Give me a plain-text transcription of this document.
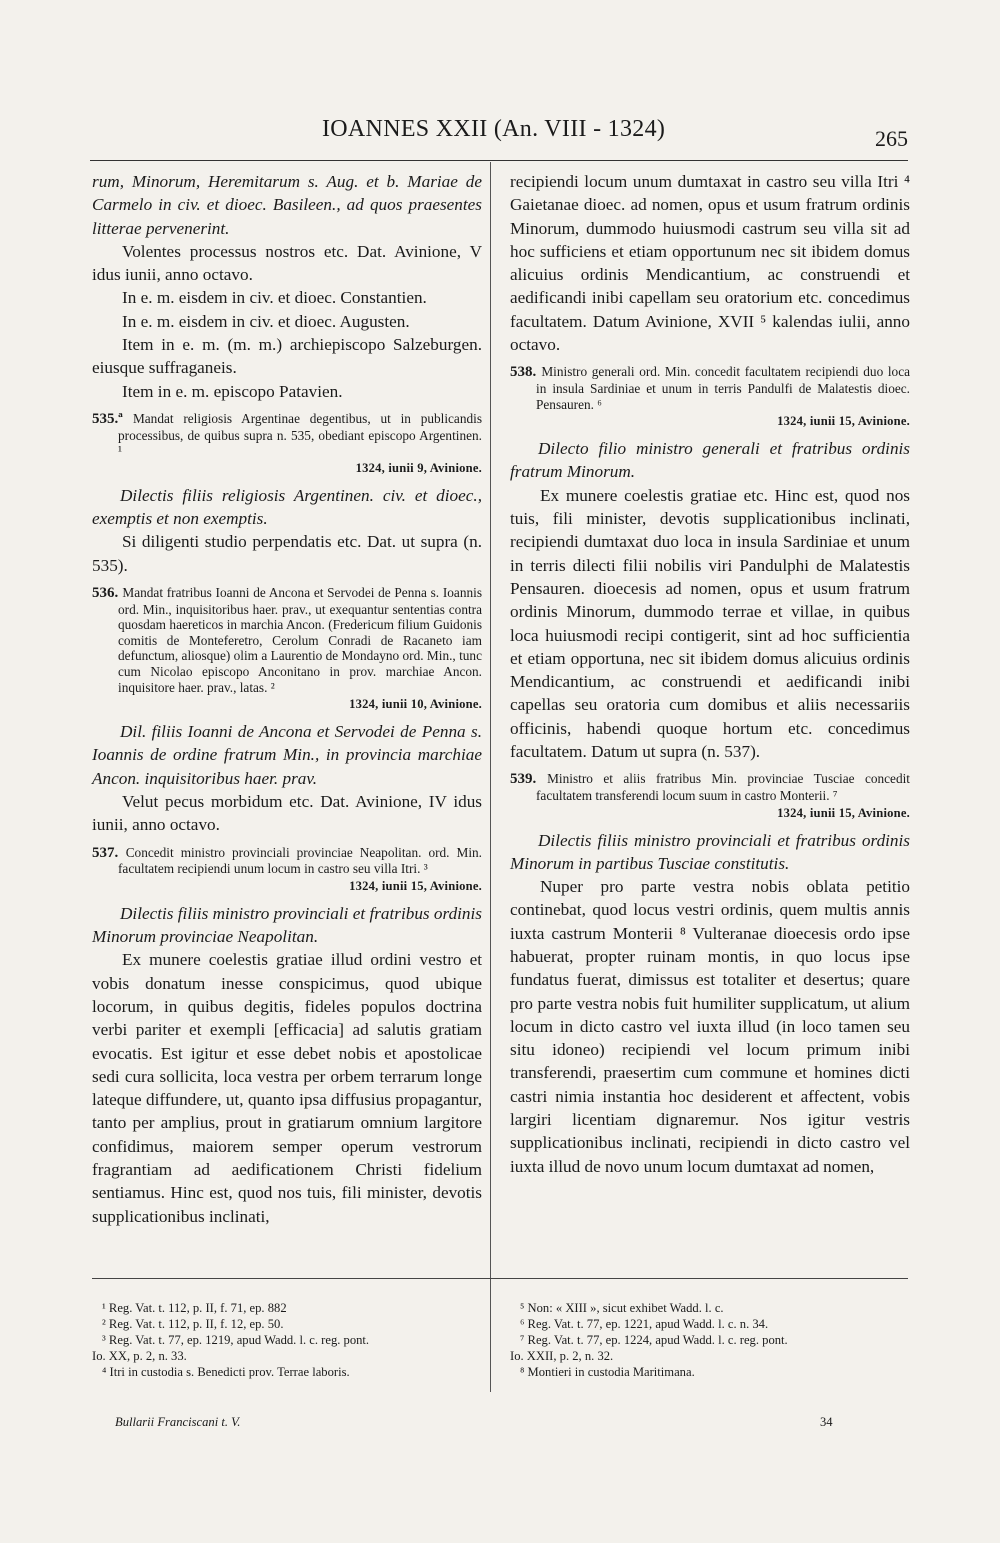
IOANNES XXII (An. VIII - 1324)	265

rum, Minorum, Heremitarum s. Aug. et b. Mariae de Carmelo in civ. et dioec. Basileen., ad quos praesentes litterae pervenerint.

Volentes processus nostros etc. Dat. Avinione, V idus iunii, anno octavo.

In e. m. eisdem in civ. et dioec. Constantien.

In e. m. eisdem in civ. et dioec. Augusten.

Item in e. m. (m. m.) archiepiscopo Salzeburgen. eiusque suffraganeis.

Item in e. m. episcopo Patavien.

535.ª Mandat religiosis Argentinae degentibus, ut in publicandis processibus, de quibus supra n. 535, obediant episcopo Argentinen. ¹

1324, iunii 9, Avinione.

Dilectis filiis religiosis Argentinen. civ. et dioec., exemptis et non exemptis.

Si diligenti studio perpendatis etc. Dat. ut supra (n. 535).

536. Mandat fratribus Ioanni de Ancona et Servodei de Penna s. Ioannis ord. Min., inquisitoribus haer. prav., ut exequantur sententias contra quosdam haereticos in marchia Ancon. (Fredericum filium Guidonis comitis de Monteferetro, Cerolum Conradi de Racaneto iam defunctum, aliosque) olim a Laurentio de Mondayno ord. Min., tunc cum Nicolao episcopo Anconitano in prov. marchiae Ancon. inquisitore haer. prav., latas. ²

1324, iunii 10, Avinione.

Dil. filiis Ioanni de Ancona et Servodei de Penna s. Ioannis de ordine fratrum Min., in provincia marchiae Ancon. inquisitoribus haer. prav.

Velut pecus morbidum etc. Dat. Avinione, IV idus iunii, anno octavo.

537. Concedit ministro provinciali provinciae Neapolitan. ord. Min. facultatem recipiendi unum locum in castro seu villa Itri. ³

1324, iunii 15, Avinione.

Dilectis filiis ministro provinciali et fratribus ordinis Minorum provinciae Neapolitan.

Ex munere coelestis gratiae illud ordini vestro et vobis donatum inesse conspicimus, quod ubique locorum, in quibus degitis, fideles populos doctrina verbi pariter et exempli [efficacia] ad salutis gratiam evocatis. Est igitur et esse debet nobis et apostolicae sedi cura sollicita, loca vestra per orbem terrarum longe lateque diffundere, ut, quanto ipsa diffusius propagantur, tanto per amplius, prout in gratiarum omnium largitore confidimus, maiorem semper operum vestrorum fragrantiam ad aedificationem Christi fidelium sentiamus. Hinc est, quod nos tuis, fili minister, devotis supplicationibus inclinati,

recipiendi locum unum dumtaxat in castro seu villa Itri ⁴ Gaietanae dioec. ad nomen, opus et usum fratrum ordinis Minorum, dummodo huiusmodi castrum seu villa sit ad hoc sufficiens et etiam opportunum nec sit ibidem domus alicuius ordinis Mendicantium, ac construendi et aedificandi inibi capellam seu oratorium etc. concedimus facultatem. Datum Avinione, XVII ⁵ kalendas iulii, anno octavo.

538. Ministro generali ord. Min. concedit facultatem recipiendi duo loca in insula Sardiniae et unum in terris Pandulfi de Malatestis dioec. Pensauren. ⁶

1324, iunii 15, Avinione.

Dilecto filio ministro generali et fratribus ordinis fratrum Minorum.

Ex munere coelestis gratiae etc. Hinc est, quod nos tuis, fili minister, devotis supplicationibus inclinati, recipiendi dumtaxat duo loca in insula Sardiniae et unum in terris dilecti filii nobilis viri Pandulphi de Malatestis Pensauren. dioecesis ad nomen, opus et usum fratrum ordinis Minorum, dummodo terrae et villae, in quibus loca huiusmodi recipi contigerit, sint ad hoc sufficientia et etiam opportuna, nec sit ibidem domus alicuius ordinis Mendicantium, ac construendi et aedificandi inibi capellas seu oratoria cum domibus et aliis necessariis officinis, habendi quoque hortum etc. concedimus facultatem. Datum ut supra (n. 537).

539. Ministro et aliis fratribus Min. provinciae Tusciae concedit facultatem transferendi locum suum in castro Monterii. ⁷

1324, iunii 15, Avinione.

Dilectis filiis ministro provinciali et fratribus ordinis Minorum in partibus Tusciae constitutis.

Nuper pro parte vestra nobis oblata petitio continebat, quod locus vestri ordinis, quem multis annis iuxta castrum Monterii ⁸ Vulteranae dioecesis ordo ipse habuerat, propter ruinam montis, in quo locus ipse fundatus fuerat, dimissus est totaliter et desertus; quare pro parte vestra nobis fuit humiliter supplicatum, ut alium locum in dicto castro vel iuxta illud (in loco tamen seu situ idoneo) recipiendi vel locum primum inibi transferendi, praesertim cum commune et homines dicti castri nimia instantia hoc desiderent et affectent, vobis largiri licentiam dignaremur. Nos igitur vestris supplicationibus inclinati, recipiendi in dicto castro vel iuxta illud de novo unum locum dumtaxat ad nomen,

¹ Reg. Vat. t. 112, p. II, f. 71, ep. 882
² Reg. Vat. t. 112, p. II, f. 12, ep. 50.
³ Reg. Vat. t. 77, ep. 1219, apud Wadd. l. c. reg. pont.
Io. XX, p. 2, n. 33.
⁴ Itri in custodia s. Benedicti prov. Terrae laboris.
⁵ Non: « XIII », sicut exhibet Wadd. l. c.
⁶ Reg. Vat. t. 77, ep. 1221, apud Wadd. l. c. n. 34.
⁷ Reg. Vat. t. 77, ep. 1224, apud Wadd. l. c. reg. pont.
Io. XXII, p. 2, n. 32.
⁸ Montieri in custodia Maritimana.
Bullarii Franciscani t. V.	34
